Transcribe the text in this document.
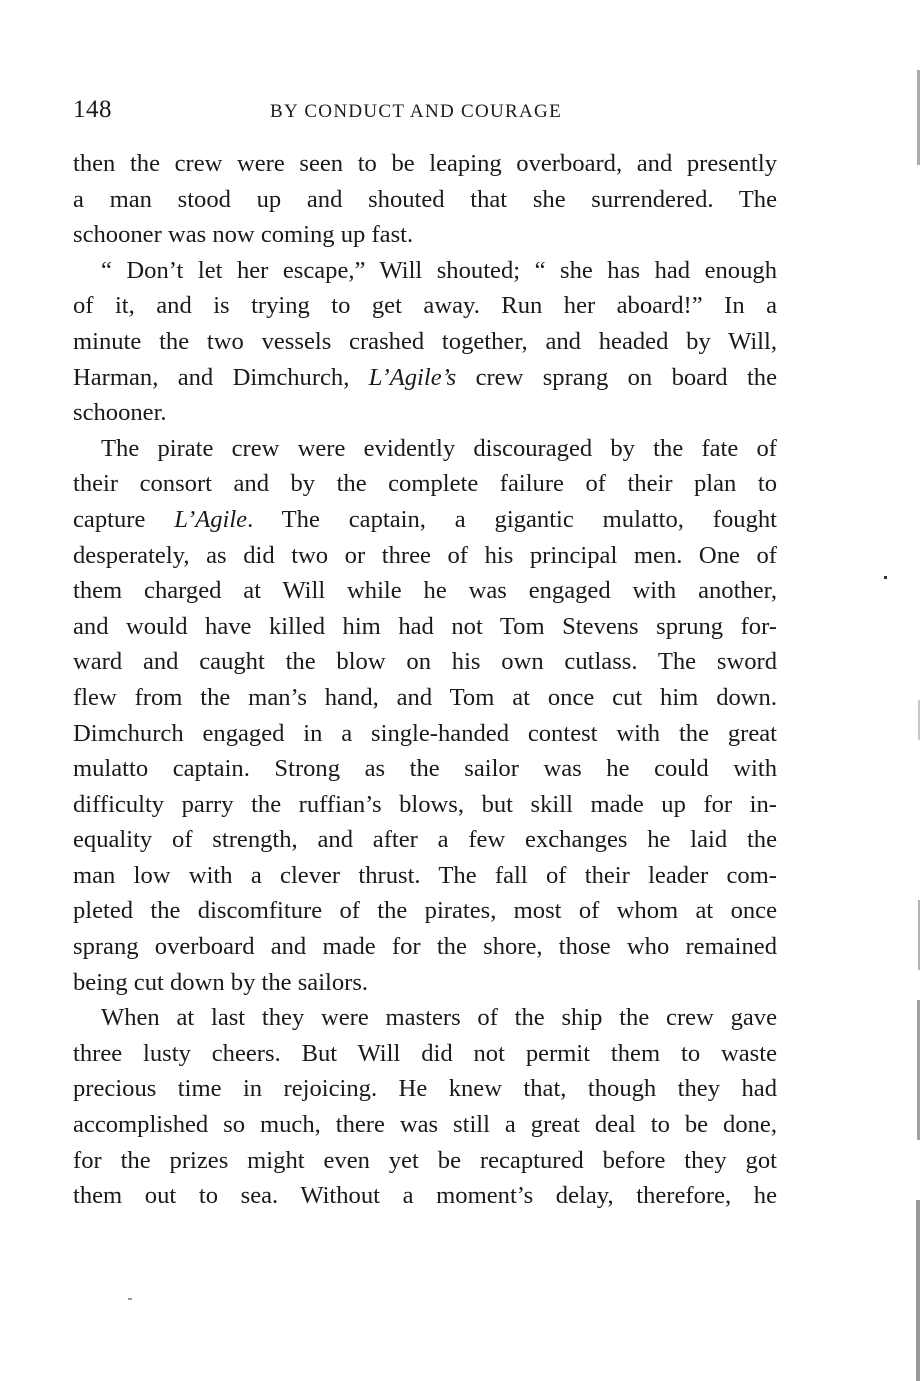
148	BY CONDUCT AND COURAGE
then the crew were seen to be leaping overboard, and presently
a man stood up and shouted that she surrendered. The
schooner was now coming up fast.
“ Don’t let her escape,” Will shouted; “ she has had enough
of it, and is trying to get away. Run her aboard!” In a
minute the two vessels crashed together, and headed by Will,
Harman, and Dimchurch, L’Agile’s crew sprang on board the
schooner.
The pirate crew were evidently discouraged by the fate of
their consort and by the complete failure of their plan to
capture L’Agile. The captain, a gigantic mulatto, fought
desperately, as did two or three of his principal men. One of
them charged at Will while he was engaged with another,
and would have killed him had not Tom Stevens sprung for-
ward and caught the blow on his own cutlass. The sword
flew from the man’s hand, and Tom at once cut him down.
Dimchurch engaged in a single-handed contest with the great
mulatto captain. Strong as the sailor was he could with
difficulty parry the ruffian’s blows, but skill made up for in-
equality of strength, and after a few exchanges he laid the
man low with a clever thrust. The fall of their leader com-
pleted the discomfiture of the pirates, most of whom at once
sprang overboard and made for the shore, those who remained
being cut down by the sailors.
When at last they were masters of the ship the crew gave
three lusty cheers. But Will did not permit them to waste
precious time in rejoicing. He knew that, though they had
accomplished so much, there was still a great deal to be done,
for the prizes might even yet be recaptured before they got
them out to sea. Without a moment’s delay, therefore, he
